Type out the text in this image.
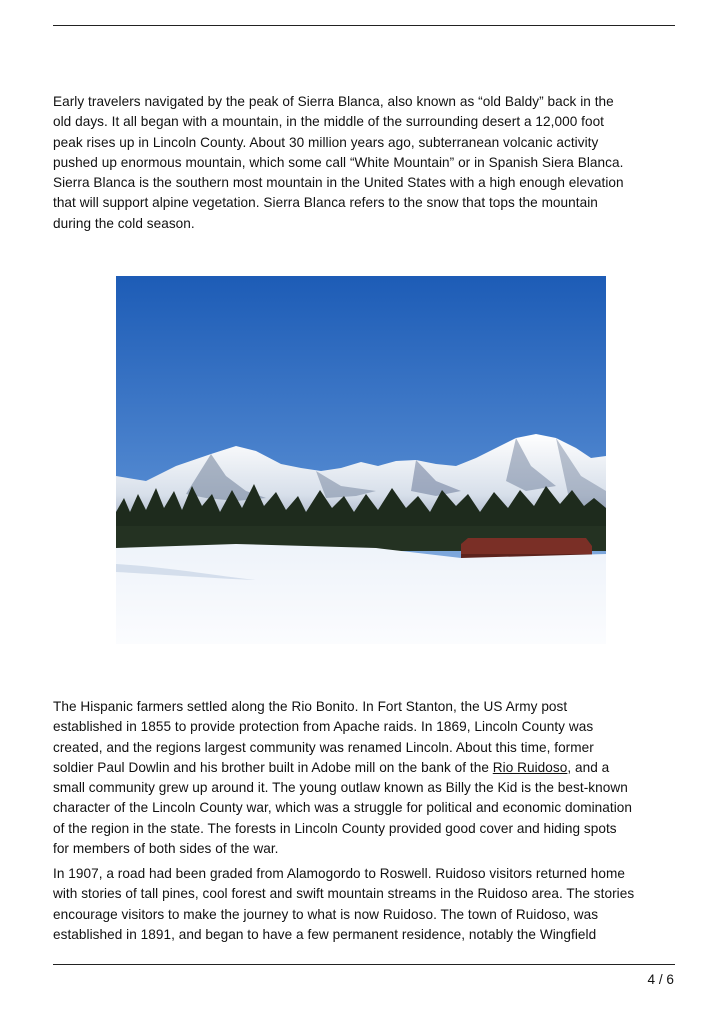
Early travelers navigated by the peak of Sierra Blanca, also known as “old Baldy” back in the
old days. It all began with a mountain, in the middle of the surrounding desert a 12,000 foot
peak rises up in Lincoln County. About 30 million years ago, subterranean volcanic activity
pushed up enormous mountain, which some call “White Mountain” or in Spanish Siera Blanca.
Sierra Blanca is the southern most mountain in the United States with a high enough elevation
that will support alpine vegetation. Sierra Blanca refers to the snow that tops the mountain
during the cold season.

The Hispanic farmers settled along the Rio Bonito. In Fort Stanton, the US Army post
established in 1855 to provide protection from Apache raids. In 1869, Lincoln County was
created, and the regions largest community was renamed Lincoln. About this time, former
soldier Paul Dowlin and his brother built in Adobe mill on the bank of the Rio Ruidoso, and a
small community grew up around it. The young outlaw known as Billy the Kid is the best-known
character of the Lincoln County war, which was a struggle for political and economic domination
of the region in the state. The forests in Lincoln County provided good cover and hiding spots
for members of both sides of the war.

In 1907, a road had been graded from Alamogordo to Roswell. Ruidoso visitors returned home
with stories of tall pines, cool forest and swift mountain streams in the Ruidoso area. The stories
encourage visitors to make the journey to what is now Ruidoso. The town of Ruidoso, was
established in 1891, and began to have a few permanent residence, notably the Wingfield

4 / 6
